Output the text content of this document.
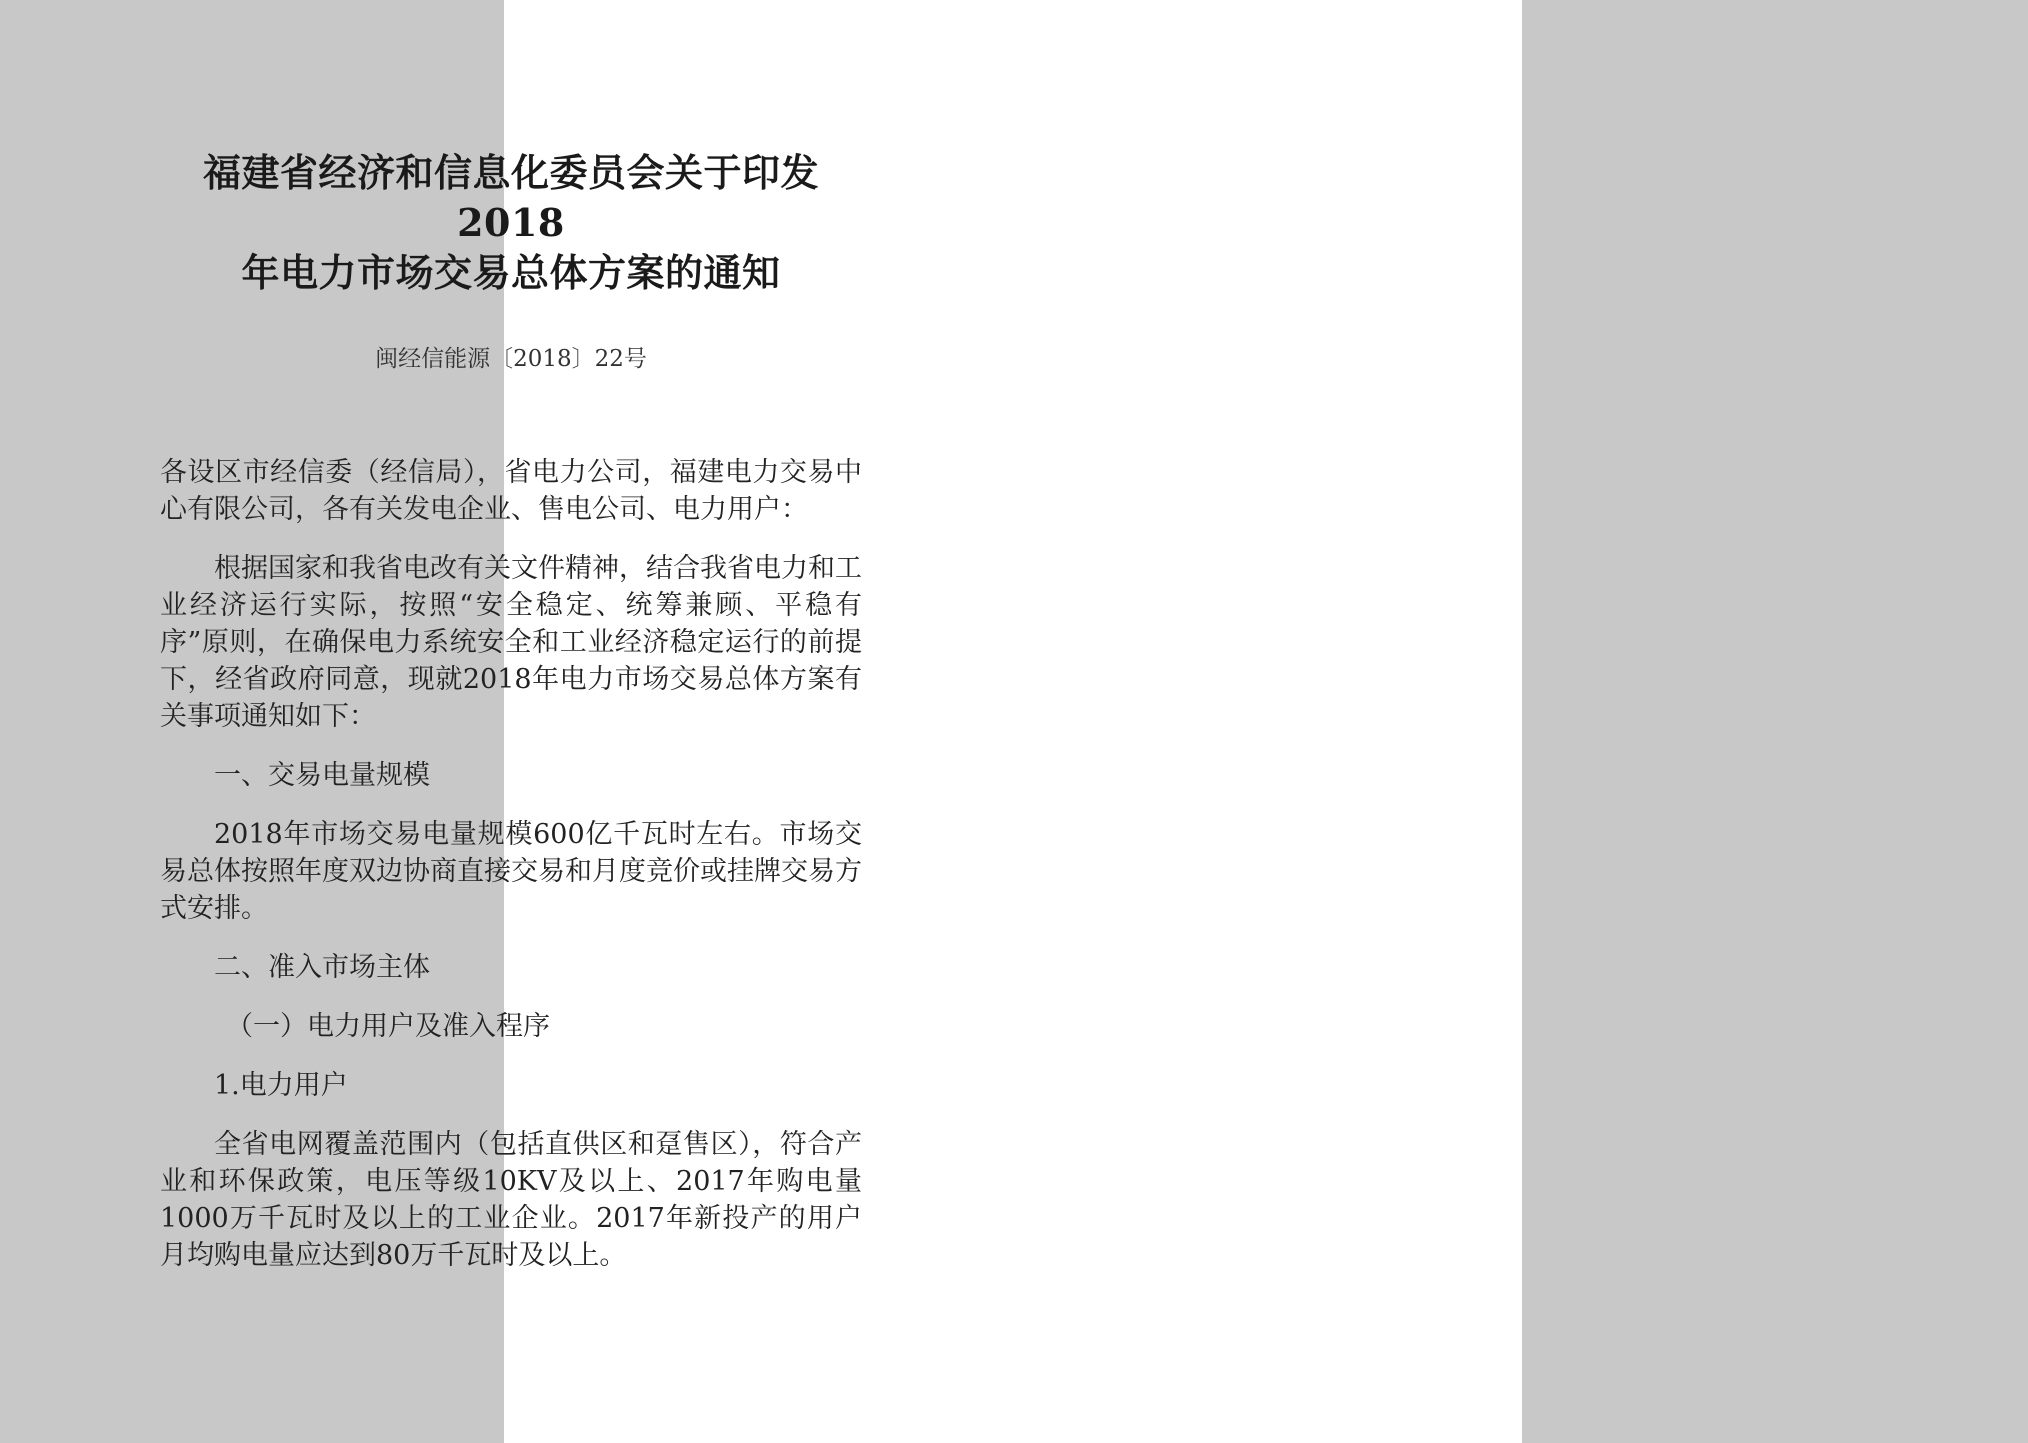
福建省经济和信息化委员会关于印发2018
年电力市场交易总体方案的通知

闽经信能源〔2018〕22号

各设区市经信委（经信局），省电力公司，福建电力交易中心有限公司，各有关发电企业、售电公司、电力用户：

根据国家和我省电改有关文件精神，结合我省电力和工业经济运行实际，按照“安全稳定、统筹兼顾、平稳有序”原则，在确保电力系统安全和工业经济稳定运行的前提下，经省政府同意，现就2018年电力市场交易总体方案有关事项通知如下：

一、交易电量规模

2018年市场交易电量规模600亿千瓦时左右。市场交易总体按照年度双边协商直接交易和月度竞价或挂牌交易方式安排。

二、准入市场主体

（一）电力用户及准入程序

1.电力用户

全省电网覆盖范围内（包括直供区和趸售区），符合产业和环保政策，电压等级10KV及以上、2017年购电量1000万千瓦时及以上的工业企业。2017年新投产的用户月均购电量应达到80万千瓦时及以上。
